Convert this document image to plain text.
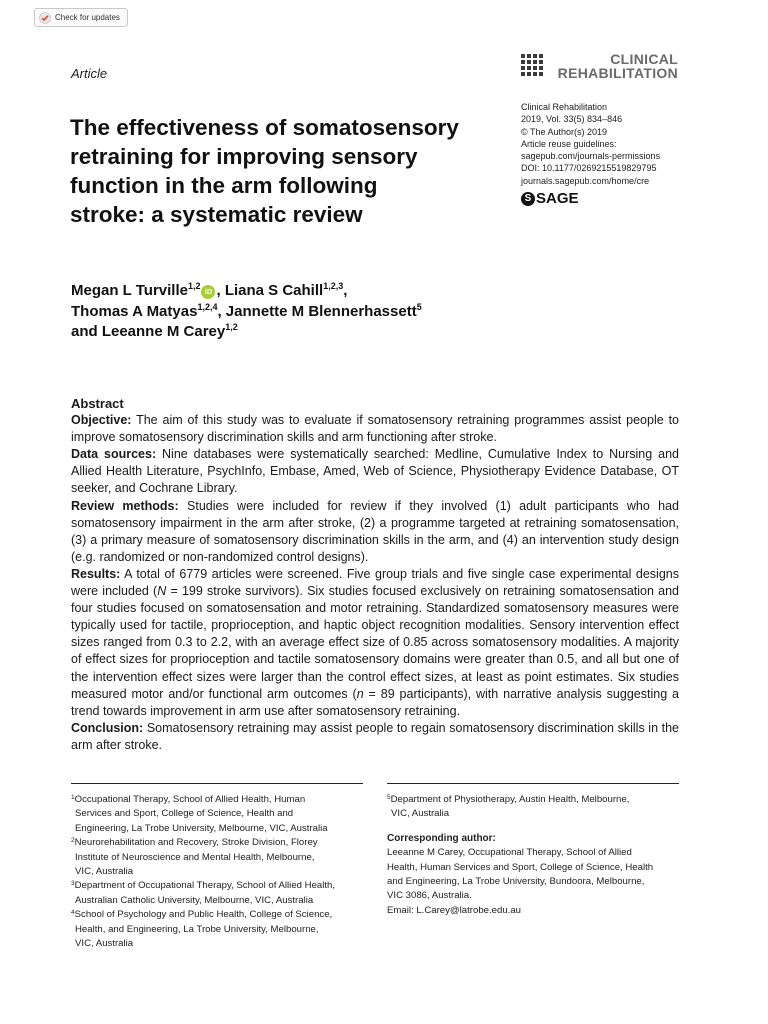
Check for updates
Article
CLINICAL
REHABILITATION
Clinical Rehabilitation
2019, Vol. 33(5) 834–846
© The Author(s) 2019
Article reuse guidelines:
sagepub.com/journals-permissions
DOI: 10.1177/0269215519829795
journals.sagepub.com/home/cre
S SAGE
The effectiveness of somatosensory
retraining for improving sensory
function in the arm following
stroke: a systematic review
Megan L Turville$^{1,2}$iD , Liana S Cahill$^{1,2,3}$,
Thomas A Matyas$^{1,2,4}$, Jannette M Blennerhassett$^5$
and Leeanne M Carey$^{1,2}$
Abstract

Objective: The aim of this study was to evaluate if somatosensory retraining programmes assist people to improve somatosensory discrimination skills and arm functioning after stroke.

Data sources: Nine databases were systematically searched: Medline, Cumulative Index to Nursing and Allied Health Literature, PsychInfo, Embase, Amed, Web of Science, Physiotherapy Evidence Database, OT seeker, and Cochrane Library.

Review methods: Studies were included for review if they involved (1) adult participants who had somatosensory impairment in the arm after stroke, (2) a programme targeted at retraining somatosensation, (3) a primary measure of somatosensory discrimination skills in the arm, and (4) an intervention study design (e.g. randomized or non-randomized control designs).

Results: A total of 6779 articles were screened. Five group trials and five single case experimental designs were included (N = 199 stroke survivors). Six studies focused exclusively on retraining somatosensation and four studies focused on somatosensation and motor retraining. Standardized somatosensory measures were typically used for tactile, proprioception, and haptic object recognition modalities. Sensory intervention effect sizes ranged from 0.3 to 2.2, with an average effect size of 0.85 across somatosensory modalities. A majority of effect sizes for proprioception and tactile somatosensory domains were greater than 0.5, and all but one of the intervention effect sizes were larger than the control effect sizes, at least as point estimates. Six studies measured motor and/or functional arm outcomes (n = 89 participants), with narrative analysis suggesting a trend towards improvement in arm use after somatosensory retraining.

Conclusion: Somatosensory retraining may assist people to regain somatosensory discrimination skills in the arm after stroke.

$^1$Occupational Therapy, School of Allied Health, Human
Services and Sport, College of Science, Health and
Engineering, La Trobe University, Melbourne, VIC, Australia
$^2$Neurorehabilitation and Recovery, Stroke Division, Florey
Institute of Neuroscience and Mental Health, Melbourne,
VIC, Australia
$^3$Department of Occupational Therapy, School of Allied Health,
Australian Catholic University, Melbourne, VIC, Australia
$^4$School of Psychology and Public Health, College of Science,
Health, and Engineering, La Trobe University, Melbourne,
VIC, Australia
$^5$Department of Physiotherapy, Austin Health, Melbourne,
VIC, Australia
Corresponding author:
Leeanne M Carey, Occupational Therapy, School of Allied
Health, Human Services and Sport, College of Science, Health
and Engineering, La Trobe University, Bundoora, Melbourne,
VIC 3086, Australia.
Email: L.Carey@latrobe.edu.au
